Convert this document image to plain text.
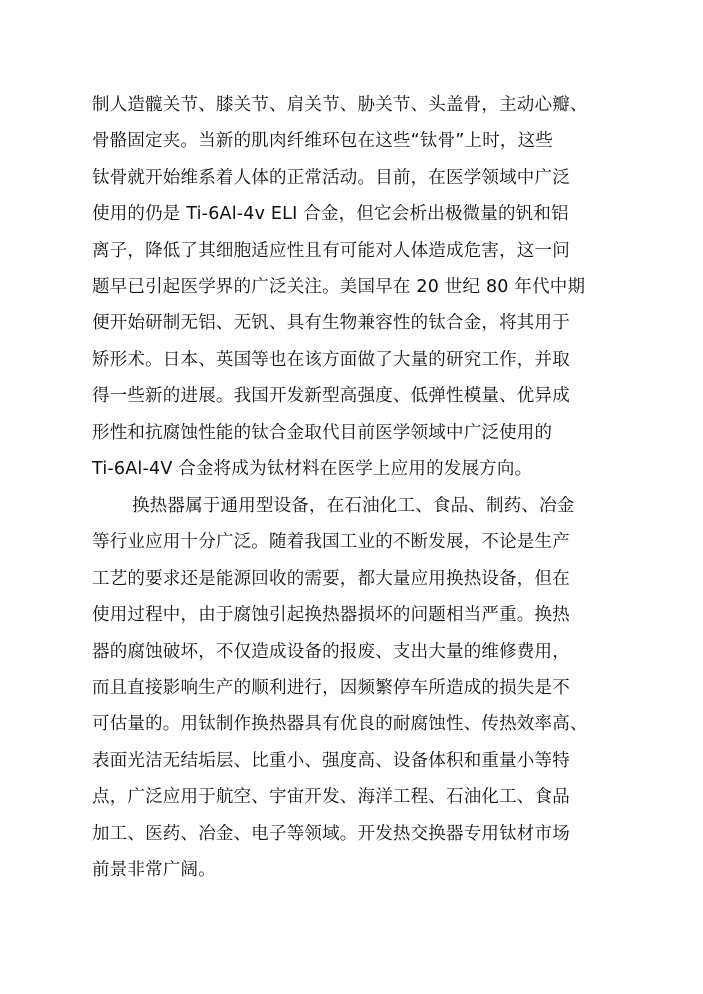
制人造髋关节、膝关节、肩关节、胁关节、头盖骨，主动心瓣、
骨骼固定夹。当新的肌肉纤维环包在这些“钛骨”上时，这些
钛骨就开始维系着人体的正常活动。目前，在医学领域中广泛
使用的仍是 Ti-6Al-4v ELI 合金，但它会析出极微量的钒和铝
离子，降低了其细胞适应性且有可能对人体造成危害，这一问
题早已引起医学界的广泛关注。美国早在 20 世纪 80 年代中期
便开始研制无铝、无钒、具有生物兼容性的钛合金，将其用于
矫形术。日本、英国等也在该方面做了大量的研究工作，并取
得一些新的进展。我国开发新型高强度、低弹性模量、优异成
形性和抗腐蚀性能的钛合金取代目前医学领域中广泛使用的
Ti-6Al-4V 合金将成为钛材料在医学上应用的发展方向。
换热器属于通用型设备，在石油化工、食品、制药、冶金
等行业应用十分广泛。随着我国工业的不断发展，不论是生产
工艺的要求还是能源回收的需要，都大量应用换热设备，但在
使用过程中，由于腐蚀引起换热器损坏的问题相当严重。换热
器的腐蚀破坏，不仅造成设备的报废、支出大量的维修费用，
而且直接影响生产的顺利进行，因频繁停车所造成的损失是不
可估量的。用钛制作换热器具有优良的耐腐蚀性、传热效率高、
表面光洁无结垢层、比重小、强度高、设备体积和重量小等特
点，广泛应用于航空、宇宙开发、海洋工程、石油化工、食品
加工、医药、冶金、电子等领域。开发热交换器专用钛材市场
前景非常广阔。
